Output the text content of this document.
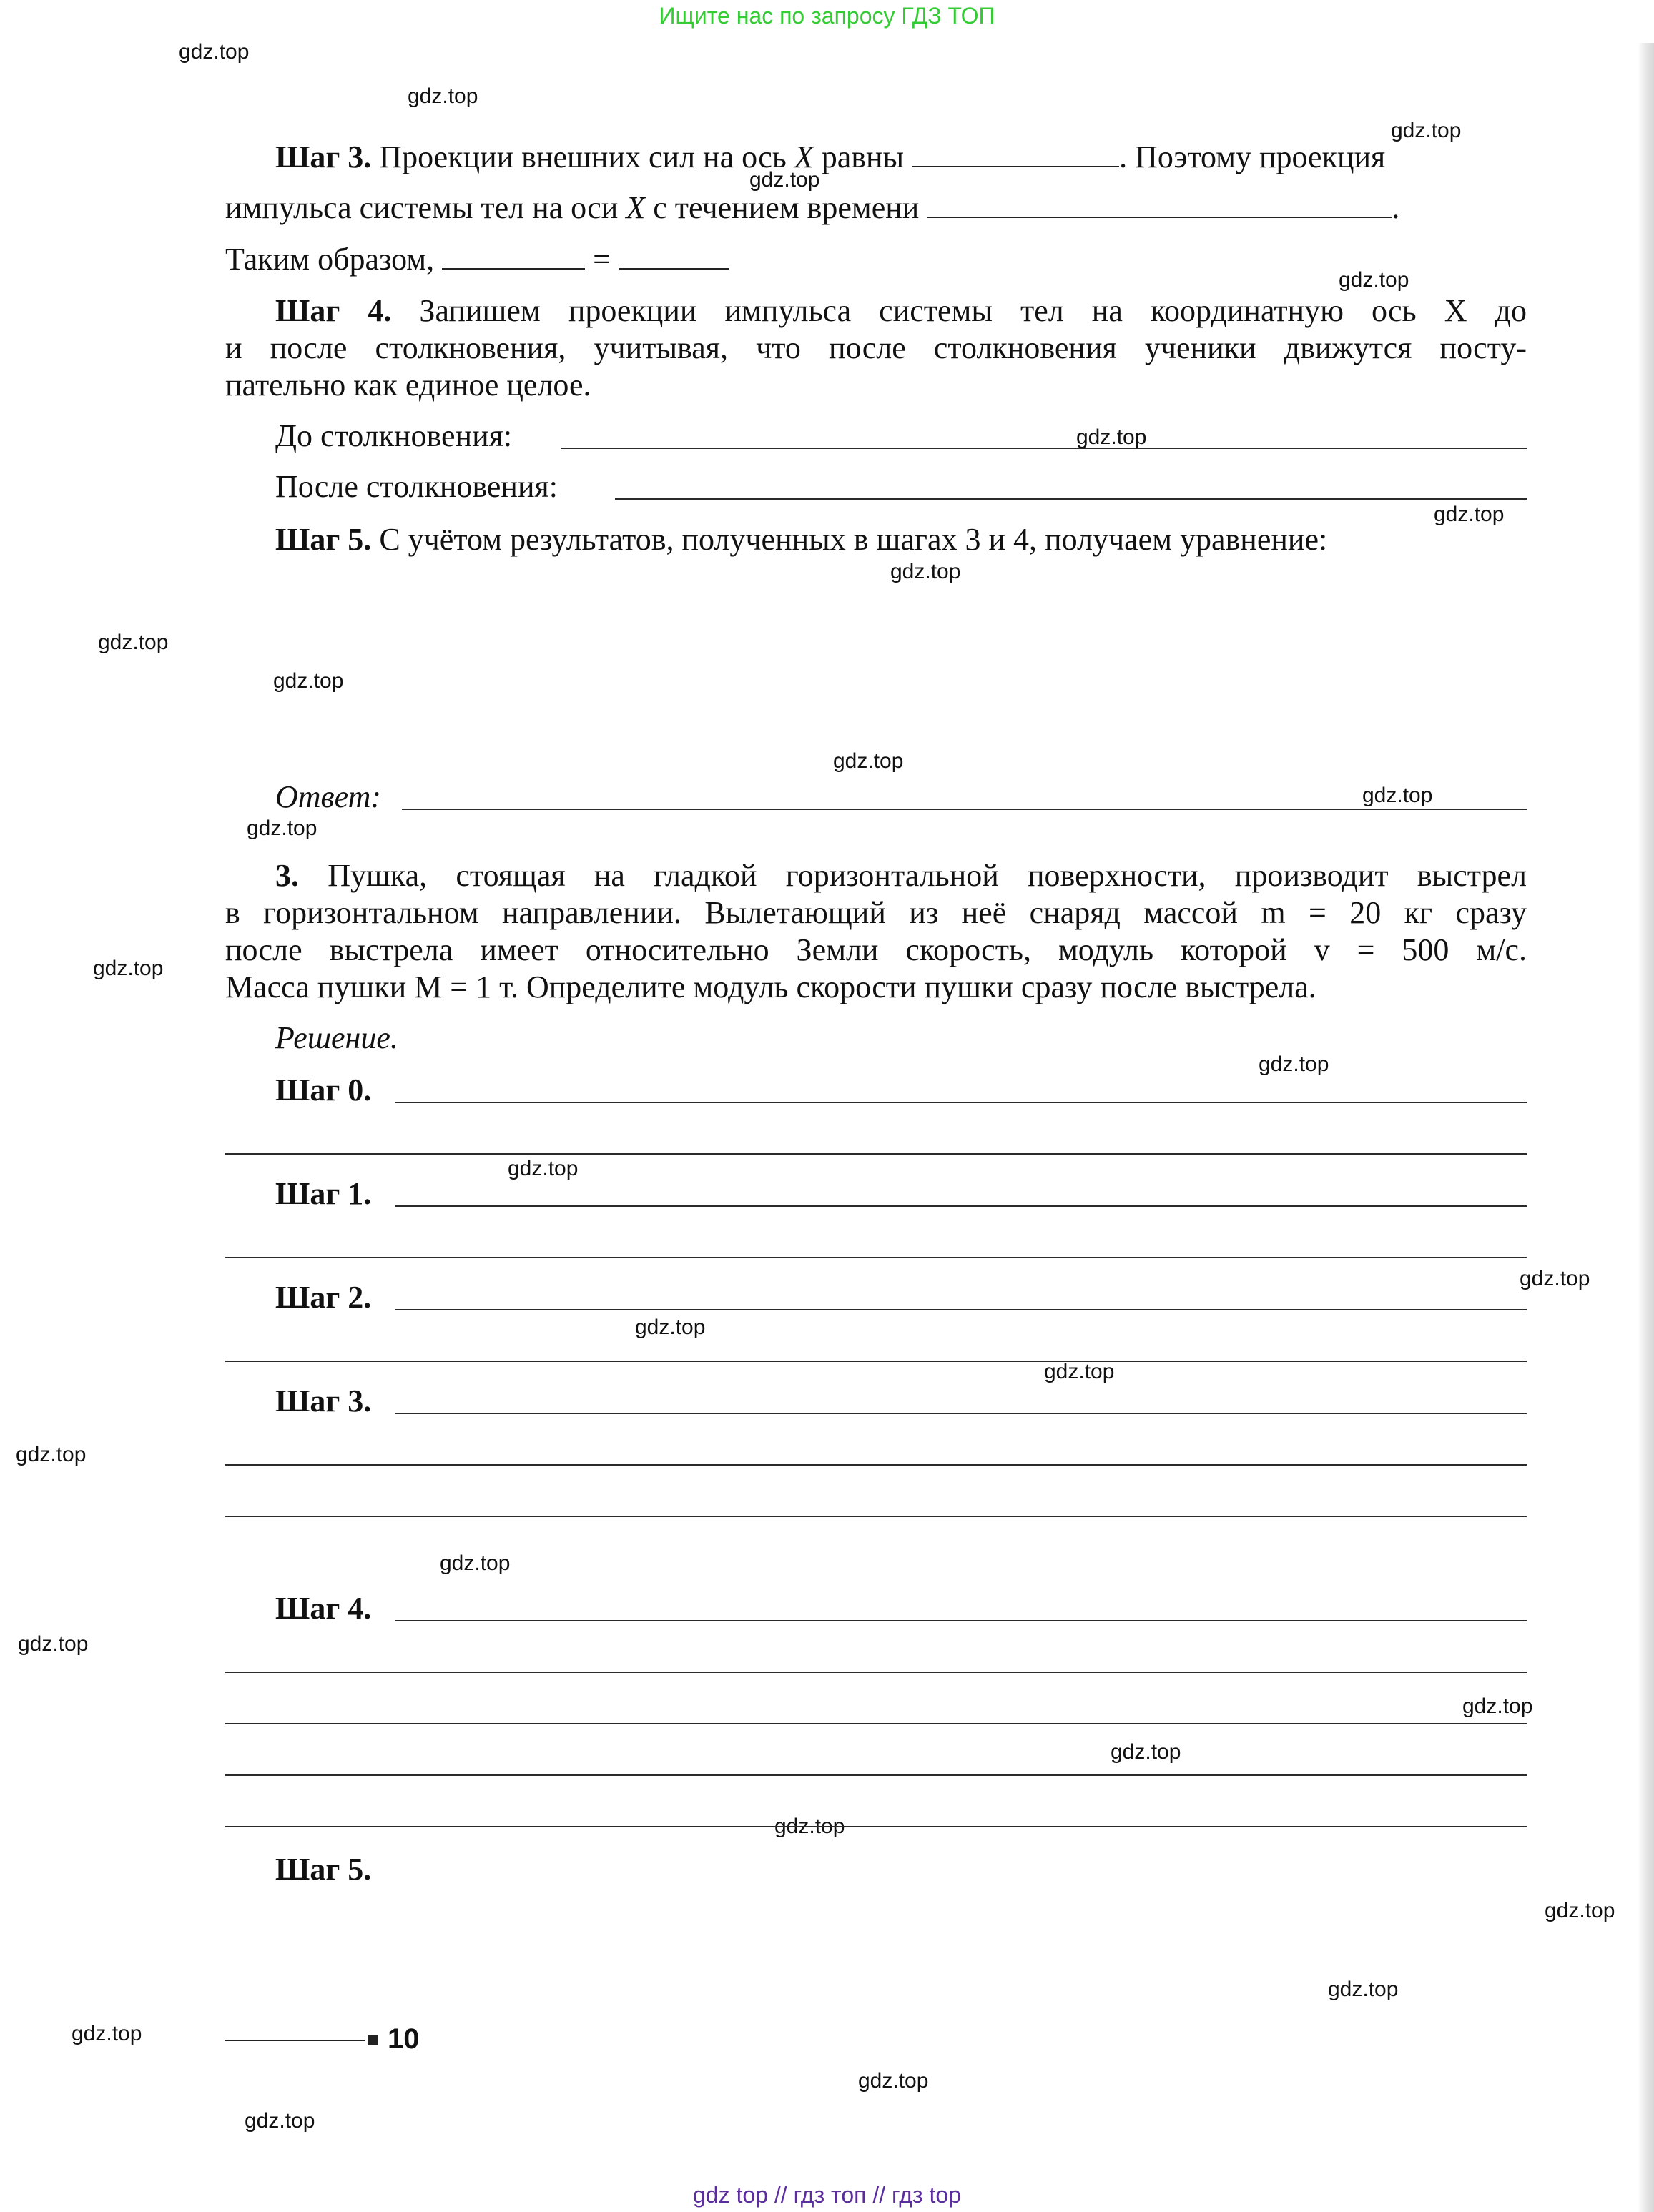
Ищите нас по запросу ГДЗ ТОП
gdz.top
gdz.top
gdz.top
gdz.top
gdz.top
gdz.top
gdz.top
gdz.top
gdz.top
gdz.top
gdz.top
gdz.top
gdz.top
gdz.top
gdz.top
gdz.top
gdz.top
gdz.top
gdz.top
gdz.top
gdz.top
gdz.top
gdz.top
gdz.top
gdz.top
gdz.top
gdz.top
gdz.top
gdz.top
gdz.top
Шаг 3. Проекции внешних сил на ось X равны	. Поэтому проекция
импульса системы тел на оси X с течением времени	.
Таким образом,	=
Шаг 4. Запишем проекции импульса системы тел на координатную ось X до
и после столкновения, учитывая, что после столкновения ученики движутся посту-
пательно как единое целое.
До столкновения:
После столкновения:
Шаг 5. С учётом результатов, полученных в шагах 3 и 4, получаем уравнение:
Ответ:
3. Пушка, стоящая на гладкой горизонтальной поверхности, производит выстрел
в горизонтальном направлении. Вылетающий из неё снаряд массой m = 20 кг сразу
после выстрела имеет относительно Земли скорость, модуль которой v = 500 м/с.
Масса пушки M = 1 т. Определите модуль скорости пушки сразу после выстрела.
Решение.
Шаг 0.
Шаг 1.
Шаг 2.
Шаг 3.
Шаг 4.
Шаг 5.
10
gdz top // гдз топ // гдз top
